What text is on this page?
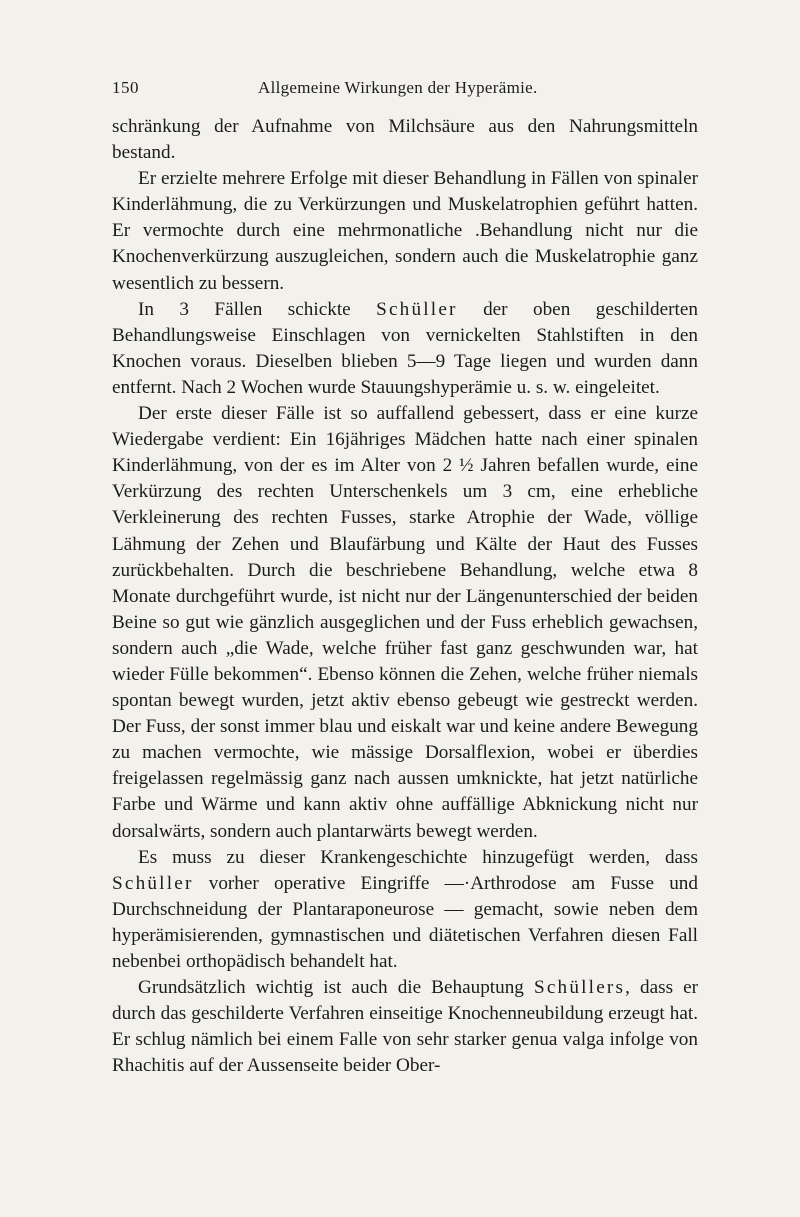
150	Allgemeine Wirkungen der Hyperämie.

schränkung der Aufnahme von Milchsäure aus den Nahrungsmitteln bestand.

Er erzielte mehrere Erfolge mit dieser Behandlung in Fällen von spinaler Kinderlähmung, die zu Verkürzungen und Muskelatrophien geführt hatten. Er vermochte durch eine mehrmonatliche .Behandlung nicht nur die Knochenverkürzung auszugleichen, sondern auch die Muskelatrophie ganz wesentlich zu bessern.

In 3 Fällen schickte Schüller der oben geschilderten Behandlungsweise Einschlagen von vernickelten Stahlstiften in den Knochen voraus. Dieselben blieben 5—9 Tage liegen und wurden dann entfernt. Nach 2 Wochen wurde Stauungshyperämie u. s. w. eingeleitet.

Der erste dieser Fälle ist so auffallend gebessert, dass er eine kurze Wiedergabe verdient: Ein 16jähriges Mädchen hatte nach einer spinalen Kinderlähmung, von der es im Alter von 2 ½ Jahren befallen wurde, eine Verkürzung des rechten Unterschenkels um 3 cm, eine erhebliche Verkleinerung des rechten Fusses, starke Atrophie der Wade, völlige Lähmung der Zehen und Blaufärbung und Kälte der Haut des Fusses zurückbehalten. Durch die beschriebene Behandlung, welche etwa 8 Monate durchgeführt wurde, ist nicht nur der Längenunterschied der beiden Beine so gut wie gänzlich ausgeglichen und der Fuss erheblich gewachsen, sondern auch „die Wade, welche früher fast ganz geschwunden war, hat wieder Fülle bekommen“. Ebenso können die Zehen, welche früher niemals spontan bewegt wurden, jetzt aktiv ebenso gebeugt wie gestreckt werden. Der Fuss, der sonst immer blau und eiskalt war und keine andere Bewegung zu machen vermochte, wie mässige Dorsalflexion, wobei er überdies freigelassen regelmässig ganz nach aussen umknickte, hat jetzt natürliche Farbe und Wärme und kann aktiv ohne auffällige Abknickung nicht nur dorsalwärts, sondern auch plantarwärts bewegt werden.

Es muss zu dieser Krankengeschichte hinzugefügt werden, dass Schüller vorher operative Eingriffe —·Arthrodose am Fusse und Durchschneidung der Plantaraponeurose — gemacht, sowie neben dem hyperämisierenden, gymnastischen und diätetischen Verfahren diesen Fall nebenbei orthopädisch behandelt hat.

Grundsätzlich wichtig ist auch die Behauptung Schüllers, dass er durch das geschilderte Verfahren einseitige Knochenneubildung erzeugt hat. Er schlug nämlich bei einem Falle von sehr starker genua valga infolge von Rhachitis auf der Aussenseite beider Ober-
